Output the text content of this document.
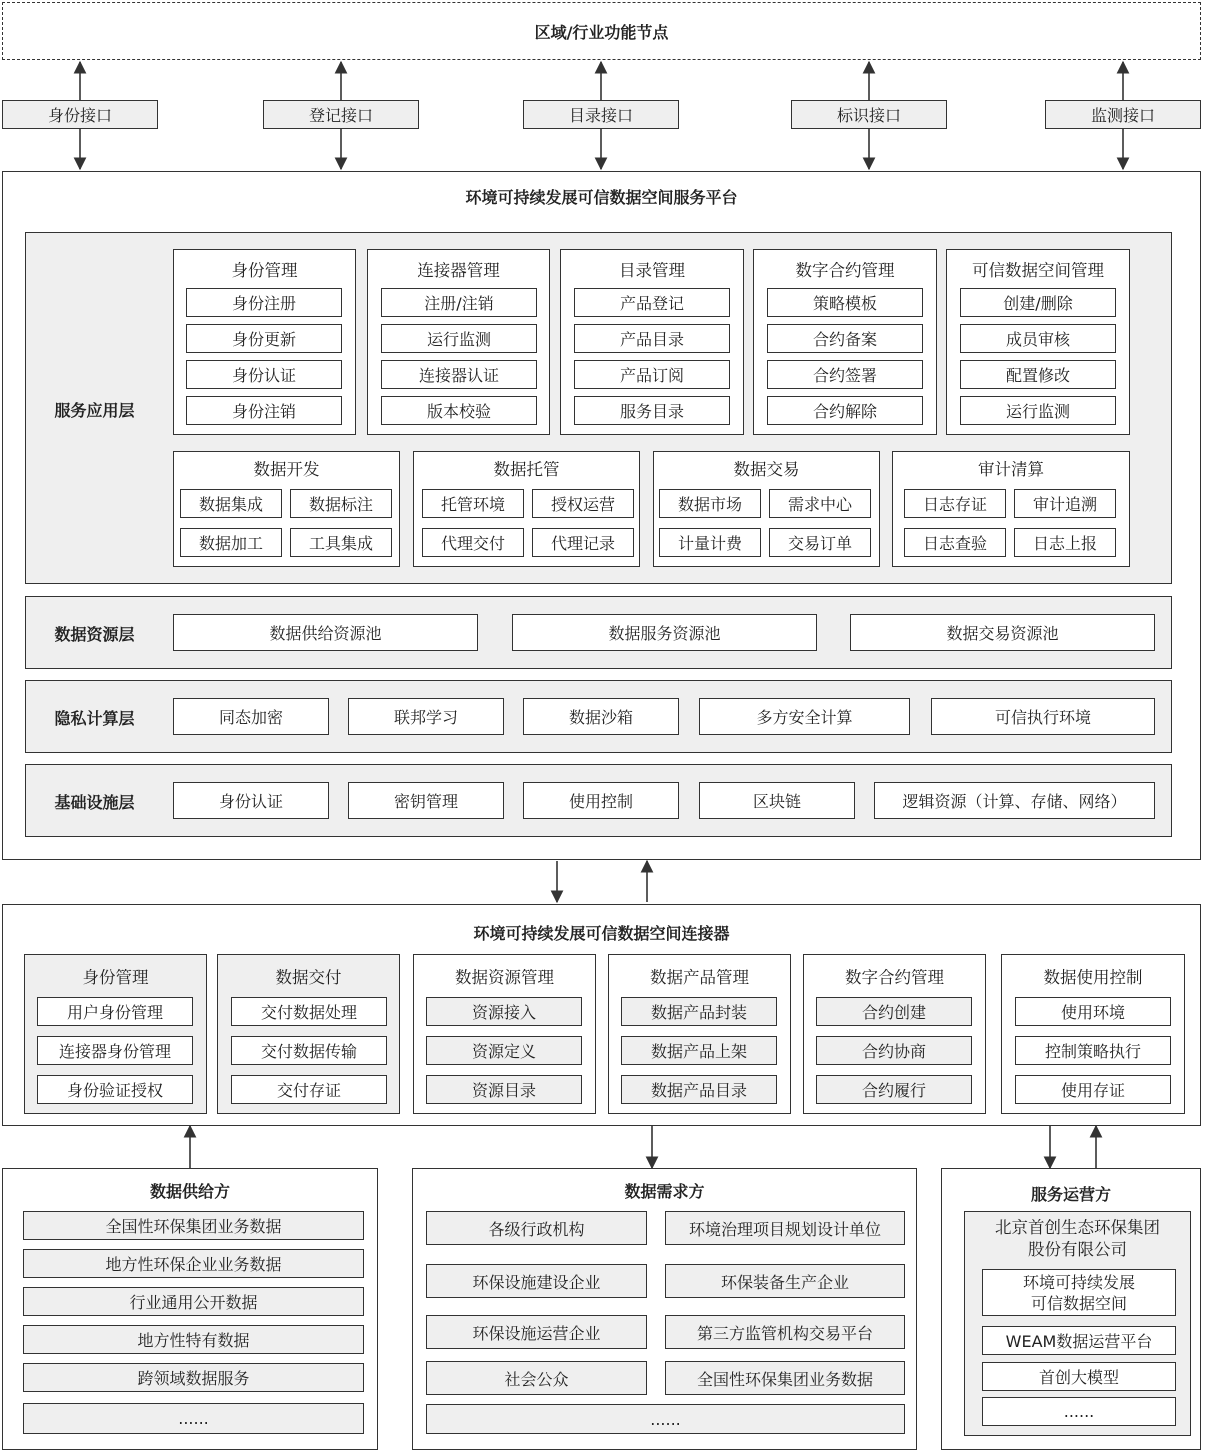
区域/行业功能节点
身份接口	登记接口	目录接口	标识接口	监测接口
环境可持续发展可信数据空间服务平台
服务应用层
身份管理
身份注册
身份更新
身份认证
身份注销
连接器管理
注册/注销
运行监测
连接器认证
版本校验
目录管理
产品登记
产品目录
产品订阅
服务目录
数字合约管理
策略模板
合约备案
合约签署
合约解除
可信数据空间管理
创建/删除
成员审核
配置修改
运行监测
数据开发
数据集成	数据标注
数据加工	工具集成
数据托管
托管环境	授权运营
代理交付	代理记录
数据交易
数据市场	需求中心
计量计费	交易订单
审计清算
日志存证	审计追溯
日志查验	日志上报
数据资源层	数据供给资源池	数据服务资源池	数据交易资源池
隐私计算层	同态加密	联邦学习	数据沙箱	多方安全计算	可信执行环境
基础设施层	身份认证	密钥管理	使用控制	区块链	逻辑资源（计算、存储、网络）
环境可持续发展可信数据空间连接器
身份管理
用户身份管理
连接器身份管理
身份验证授权
数据交付
交付数据处理
交付数据传输
交付存证
数据资源管理
资源接入
资源定义
资源目录
数据产品管理
数据产品封装
数据产品上架
数据产品目录
数字合约管理
合约创建
合约协商
合约履行
数据使用控制
使用环境
控制策略执行
使用存证
数据供给方
全国性环保集团业务数据
地方性环保企业业务数据
行业通用公开数据
地方性特有数据
跨领域数据服务
......
数据需求方
各级行政机构	环境治理项目规划设计单位
环保设施建设企业	环保装备生产企业
环保设施运营企业	第三方监管机构交易平台
社会公众	全国性环保集团业务数据
......
服务运营方
北京首创生态环保集团
股份有限公司
环境可持续发展
可信数据空间
WEAM数据运营平台
首创大模型
......
